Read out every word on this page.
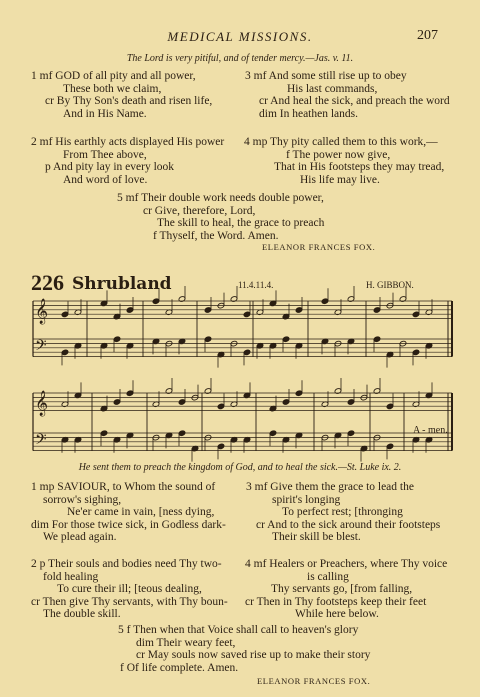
MEDICAL MISSIONS.	207
The Lord is very pitiful, and of tender mercy.—Jas. v. 11.
1 mf GOD of all pity and all power,
These both we claim,
cr By Thy Son's death and risen life,
And in His Name.
3 mf And some still rise up to obey
His last commands,
cr And heal the sick, and preach the word
dim In heathen lands.
2 mf His earthly acts displayed His power
From Thee above,
p And pity lay in every look
And word of love.
4 mp Thy pity called them to this work,—
f The power now give,
That in His footsteps they may tread,
His life may live.
5 mf Their double work needs double power,
cr Give, therefore, Lord,
The skill to heal, the grace to preach
f Thyself, the Word. Amen.
ELEANOR FRANCES FOX.
226 Shrubland	11.4.11.4.	H. GIBBON.
𝄞
𝄢
𝄞
𝄢
A - men.
He sent them to preach the kingdom of God, and to heal the sick.—St. Luke ix. 2.
1 mp SAVIOUR, to Whom the sound of
sorrow's sighing,
Ne'er came in vain, [ness dying,
dim For those twice sick, in Godless dark-
We plead again.
3 mf Give them the grace to lead the
spirit's longing
To perfect rest; [thronging
cr And to the sick around their footsteps
Their skill be blest.
2 p Their souls and bodies need Thy two-
fold healing
To cure their ill; [teous dealing,
cr Then give Thy servants, with Thy boun-
The double skill.
4 mf Healers or Preachers, where Thy voice
is calling
Thy servants go, [from falling,
cr Then in Thy footsteps keep their feet
While here below.
5 f Then when that Voice shall call to heaven's glory
dim Their weary feet,
cr May souls now saved rise up to make their story
f Of life complete. Amen.
ELEANOR FRANCES FOX.
